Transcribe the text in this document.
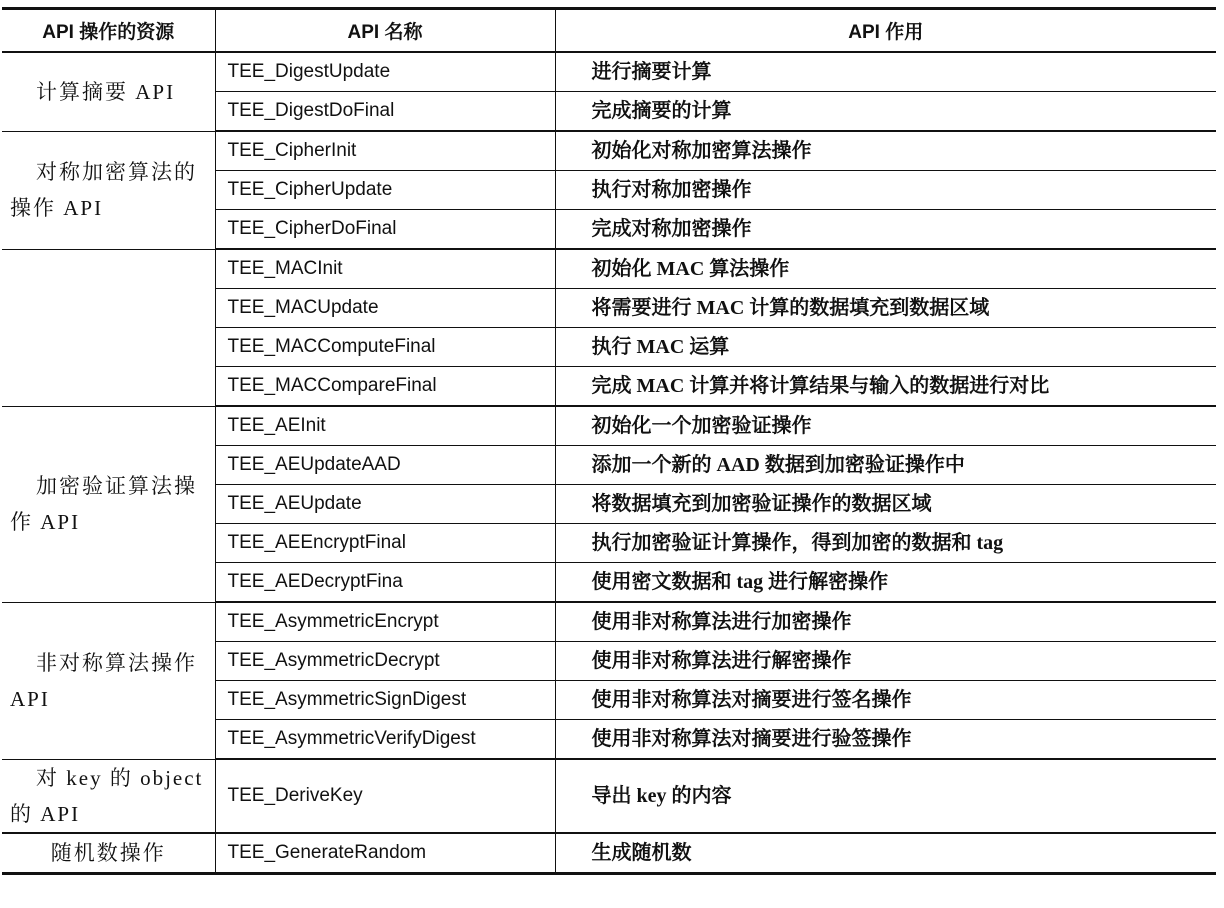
API 操作的资源	API 名称	API 作用
计算摘要 API	TEE_DigestUpdate	进行摘要计算
	TEE_DigestDoFinal	完成摘要的计算
对称加密算法的操作 API	TEE_CipherInit	初始化对称加密算法操作
	TEE_CipherUpdate	执行对称加密操作
	TEE_CipherDoFinal	完成对称加密操作
	TEE_MACInit	初始化 MAC 算法操作
	TEE_MACUpdate	将需要进行 MAC 计算的数据填充到数据区域
	TEE_MACComputeFinal	执行 MAC 运算
	TEE_MACCompareFinal	完成 MAC 计算并将计算结果与输入的数据进行对比
加密验证算法操作 API	TEE_AEInit	初始化一个加密验证操作
	TEE_AEUpdateAAD	添加一个新的 AAD 数据到加密验证操作中
	TEE_AEUpdate	将数据填充到加密验证操作的数据区域
	TEE_AEEncryptFinal	执行加密验证计算操作，得到加密的数据和 tag
	TEE_AEDecryptFina	使用密文数据和 tag 进行解密操作
非对称算法操作 API	TEE_AsymmetricEncrypt	使用非对称算法进行加密操作
	TEE_AsymmetricDecrypt	使用非对称算法进行解密操作
	TEE_AsymmetricSignDigest	使用非对称算法对摘要进行签名操作
	TEE_AsymmetricVerifyDigest	使用非对称算法对摘要进行验签操作
对 key 的 object 的 API	TEE_DeriveKey	导出 key 的内容
随机数操作	TEE_GenerateRandom	生成随机数
